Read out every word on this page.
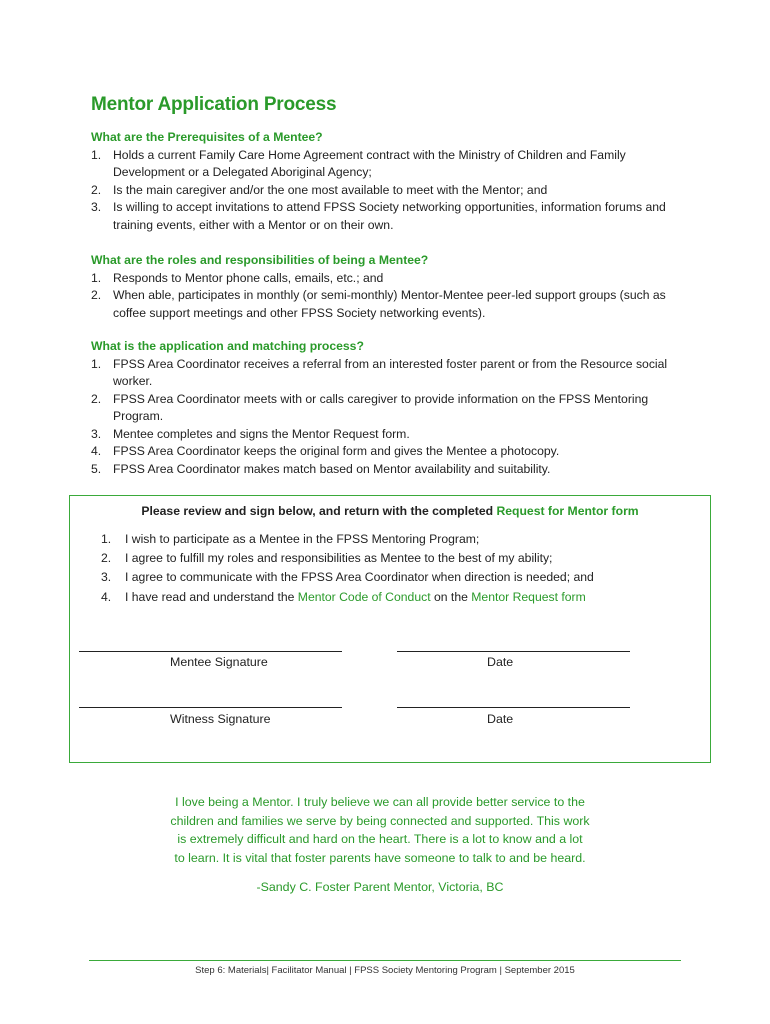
Mentor Application Process
What are the Prerequisites of a Mentee?
1. Holds a current Family Care Home Agreement contract with the Ministry of Children and Family Development or a Delegated Aboriginal Agency;
2. Is the main caregiver and/or the one most available to meet with the Mentor; and
3. Is willing to accept invitations to attend FPSS Society networking opportunities, information forums and training events, either with a Mentor or on their own.
What are the roles and responsibilities of being a Mentee?
1. Responds to Mentor phone calls, emails, etc.; and
2. When able, participates in monthly (or semi-monthly) Mentor-Mentee peer-led support groups (such as coffee support meetings and other FPSS Society networking events).
What is the application and matching process?
1. FPSS Area Coordinator receives a referral from an interested foster parent or from the Resource social worker.
2. FPSS Area Coordinator meets with or calls caregiver to provide information on the FPSS Mentoring Program.
3. Mentee completes and signs the Mentor Request form.
4. FPSS Area Coordinator keeps the original form and gives the Mentee a photocopy.
5. FPSS Area Coordinator makes match based on Mentor availability and suitability.
Please review and sign below, and return with the completed Request for Mentor form
1. I wish to participate as a Mentee in the FPSS Mentoring Program;
2. I agree to fulfill my roles and responsibilities as Mentee to the best of my ability;
3. I agree to communicate with the FPSS Area Coordinator when direction is needed; and
4. I have read and understand the Mentor Code of Conduct on the Mentor Request form
Mentee Signature	Date
Witness Signature	Date

I love being a Mentor. I truly believe we can all provide better service to the

children and families we serve by being connected and supported. This work

is extremely difficult and hard on the heart. There is a lot to know and a lot

to learn. It is vital that foster parents have someone to talk to and be heard.

-Sandy C. Foster Parent Mentor, Victoria, BC

Step 6: Materials| Facilitator Manual | FPSS Society Mentoring Program | September 2015
